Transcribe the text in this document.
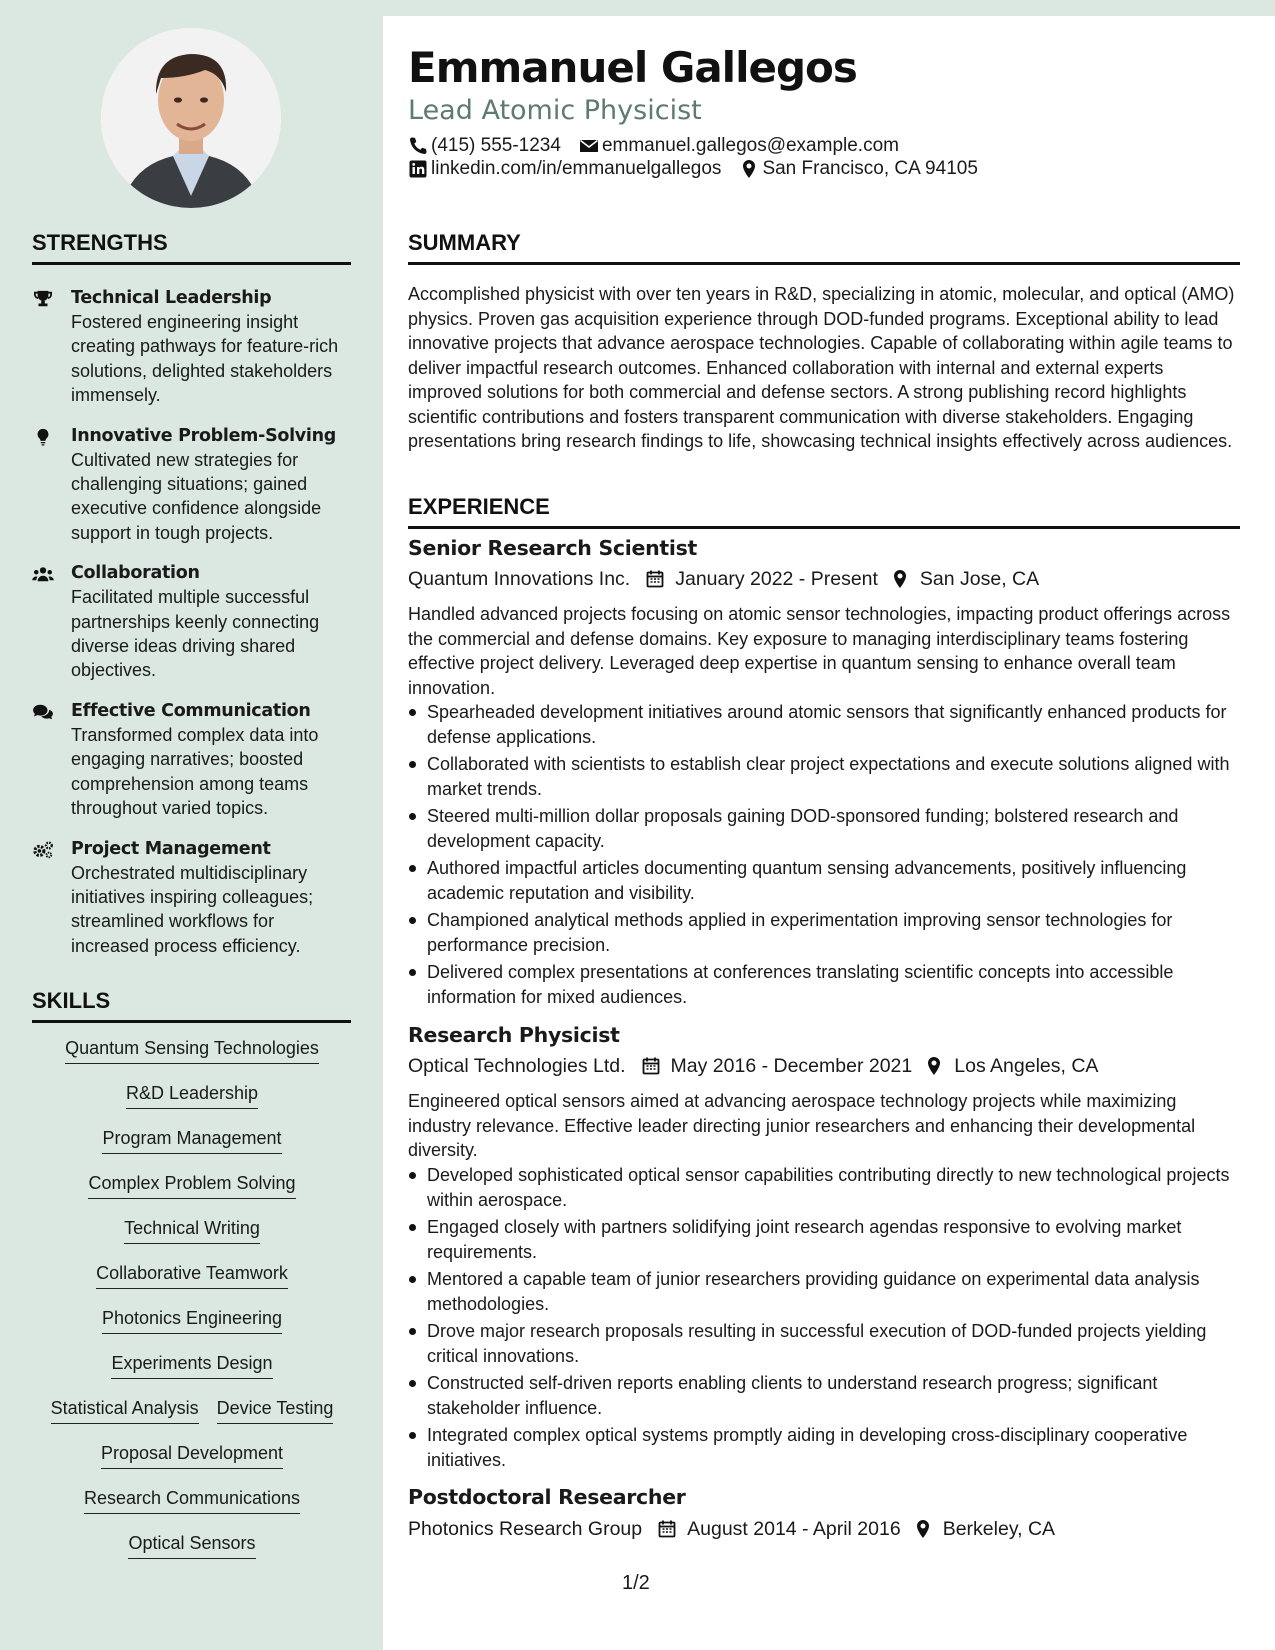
STRENGTHS
Technical Leadership
Fostered engineering insight creating pathways for feature-rich solutions, delighted stakeholders immensely.
Innovative Problem-Solving
Cultivated new strategies for challenging situations; gained executive confidence alongside support in tough projects.
Collaboration
Facilitated multiple successful partnerships keenly connecting diverse ideas driving shared objectives.
Effective Communication
Transformed complex data into engaging narratives; boosted comprehension among teams throughout varied topics.
Project Management
Orchestrated multidisciplinary initiatives inspiring colleagues; streamlined workflows for increased process efficiency.
SKILLS
Quantum Sensing Technologies
R&D Leadership
Program Management
Complex Problem Solving
Technical Writing
Collaborative Teamwork
Photonics Engineering
Experiments Design
Statistical Analysis Device Testing
Proposal Development
Research Communications
Optical Sensors
Emmanuel Gallegos
Lead Atomic Physicist
(415) 555-1234 emmanuel.gallegos@example.com
linkedin.com/in/emmanuelgallegos San Francisco, CA 94105
SUMMARY
Accomplished physicist with over ten years in R&D, specializing in atomic, molecular, and optical (AMO) physics. Proven gas acquisition experience through DOD-funded programs. Exceptional ability to lead innovative projects that advance aerospace technologies. Capable of collaborating within agile teams to deliver impactful research outcomes. Enhanced collaboration with internal and external experts improved solutions for both commercial and defense sectors. A strong publishing record highlights scientific contributions and fosters transparent communication with diverse stakeholders. Engaging presentations bring research findings to life, showcasing technical insights effectively across audiences.
EXPERIENCE
Senior Research Scientist
Quantum Innovations Inc. January 2022 - Present San Jose, CA
Handled advanced projects focusing on atomic sensor technologies, impacting product offerings across the commercial and defense domains. Key exposure to managing interdisciplinary teams fostering effective project delivery. Leveraged deep expertise in quantum sensing to enhance overall team innovation.
Spearheaded development initiatives around atomic sensors that significantly enhanced products for defense applications.
Collaborated with scientists to establish clear project expectations and execute solutions aligned with market trends.
Steered multi-million dollar proposals gaining DOD-sponsored funding; bolstered research and development capacity.
Authored impactful articles documenting quantum sensing advancements, positively influencing academic reputation and visibility.
Championed analytical methods applied in experimentation improving sensor technologies for performance precision.
Delivered complex presentations at conferences translating scientific concepts into accessible information for mixed audiences.
Research Physicist
Optical Technologies Ltd. May 2016 - December 2021 Los Angeles, CA
Engineered optical sensors aimed at advancing aerospace technology projects while maximizing industry relevance. Effective leader directing junior researchers and enhancing their developmental diversity.
Developed sophisticated optical sensor capabilities contributing directly to new technological projects within aerospace.
Engaged closely with partners solidifying joint research agendas responsive to evolving market requirements.
Mentored a capable team of junior researchers providing guidance on experimental data analysis methodologies.
Drove major research proposals resulting in successful execution of DOD-funded projects yielding critical innovations.
Constructed self-driven reports enabling clients to understand research progress; significant stakeholder influence.
Integrated complex optical systems promptly aiding in developing cross-disciplinary cooperative initiatives.
Postdoctoral Researcher
Photonics Research Group August 2014 - April 2016 Berkeley, CA
1/2
